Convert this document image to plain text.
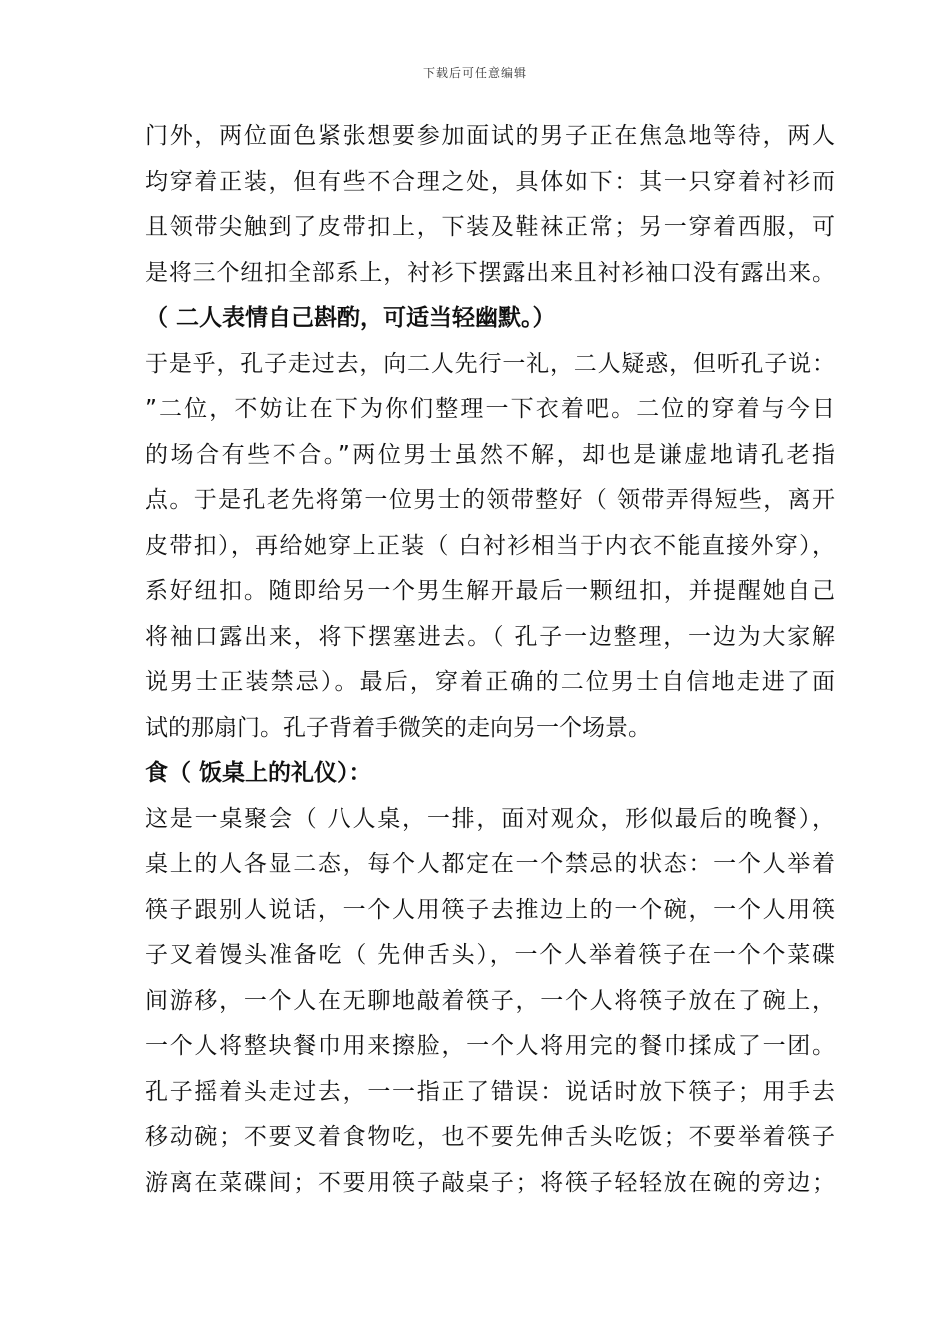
下载后可任意编辑
门外，两位面色紧张想要参加面试的男子正在焦急地等待，两人
均穿着正装，但有些不合理之处，具体如下：其一只穿着衬衫而
且领带尖触到了皮带扣上，下装及鞋袜正常；另一穿着西服，可
是将三个纽扣全部系上，衬衫下摆露出来且衬衫袖口没有露出来。
（ 二人表情自己斟酌，可适当轻幽默。）
于是乎，孔子走过去，向二人先行一礼，二人疑惑，但听孔子说：
”二位，不妨让在下为你们整理一下衣着吧。二位的穿着与今日
的场合有些不合。”两位男士虽然不解，却也是谦虚地请孔老指
点。于是孔老先将第一位男士的领带整好（ 领带弄得短些，离开
皮带扣），再给她穿上正装（ 白衬衫相当于内衣不能直接外穿），
系好纽扣。随即给另一个男生解开最后一颗纽扣，并提醒她自己
将袖口露出来，将下摆塞进去。（ 孔子一边整理，一边为大家解
说男士正装禁忌）。最后，穿着正确的二位男士自信地走进了面
试的那扇门。孔子背着手微笑的走向另一个场景。
食（ 饭桌上的礼仪）：
这是一桌聚会（ 八人桌，一排，面对观众，形似最后的晚餐），
桌上的人各显二态，每个人都定在一个禁忌的状态：一个人举着
筷子跟别人说话，一个人用筷子去推边上的一个碗，一个人用筷
子叉着馒头准备吃（ 先伸舌头），一个人举着筷子在一个个菜碟
间游移，一个人在无聊地敲着筷子，一个人将筷子放在了碗上，
一个人将整块餐巾用来擦脸，一个人将用完的餐巾揉成了一团。
孔子摇着头走过去，一一指正了错误：说话时放下筷子；用手去
移动碗；不要叉着食物吃，也不要先伸舌头吃饭；不要举着筷子
游离在菜碟间；不要用筷子敲桌子；将筷子轻轻放在碗的旁边；
